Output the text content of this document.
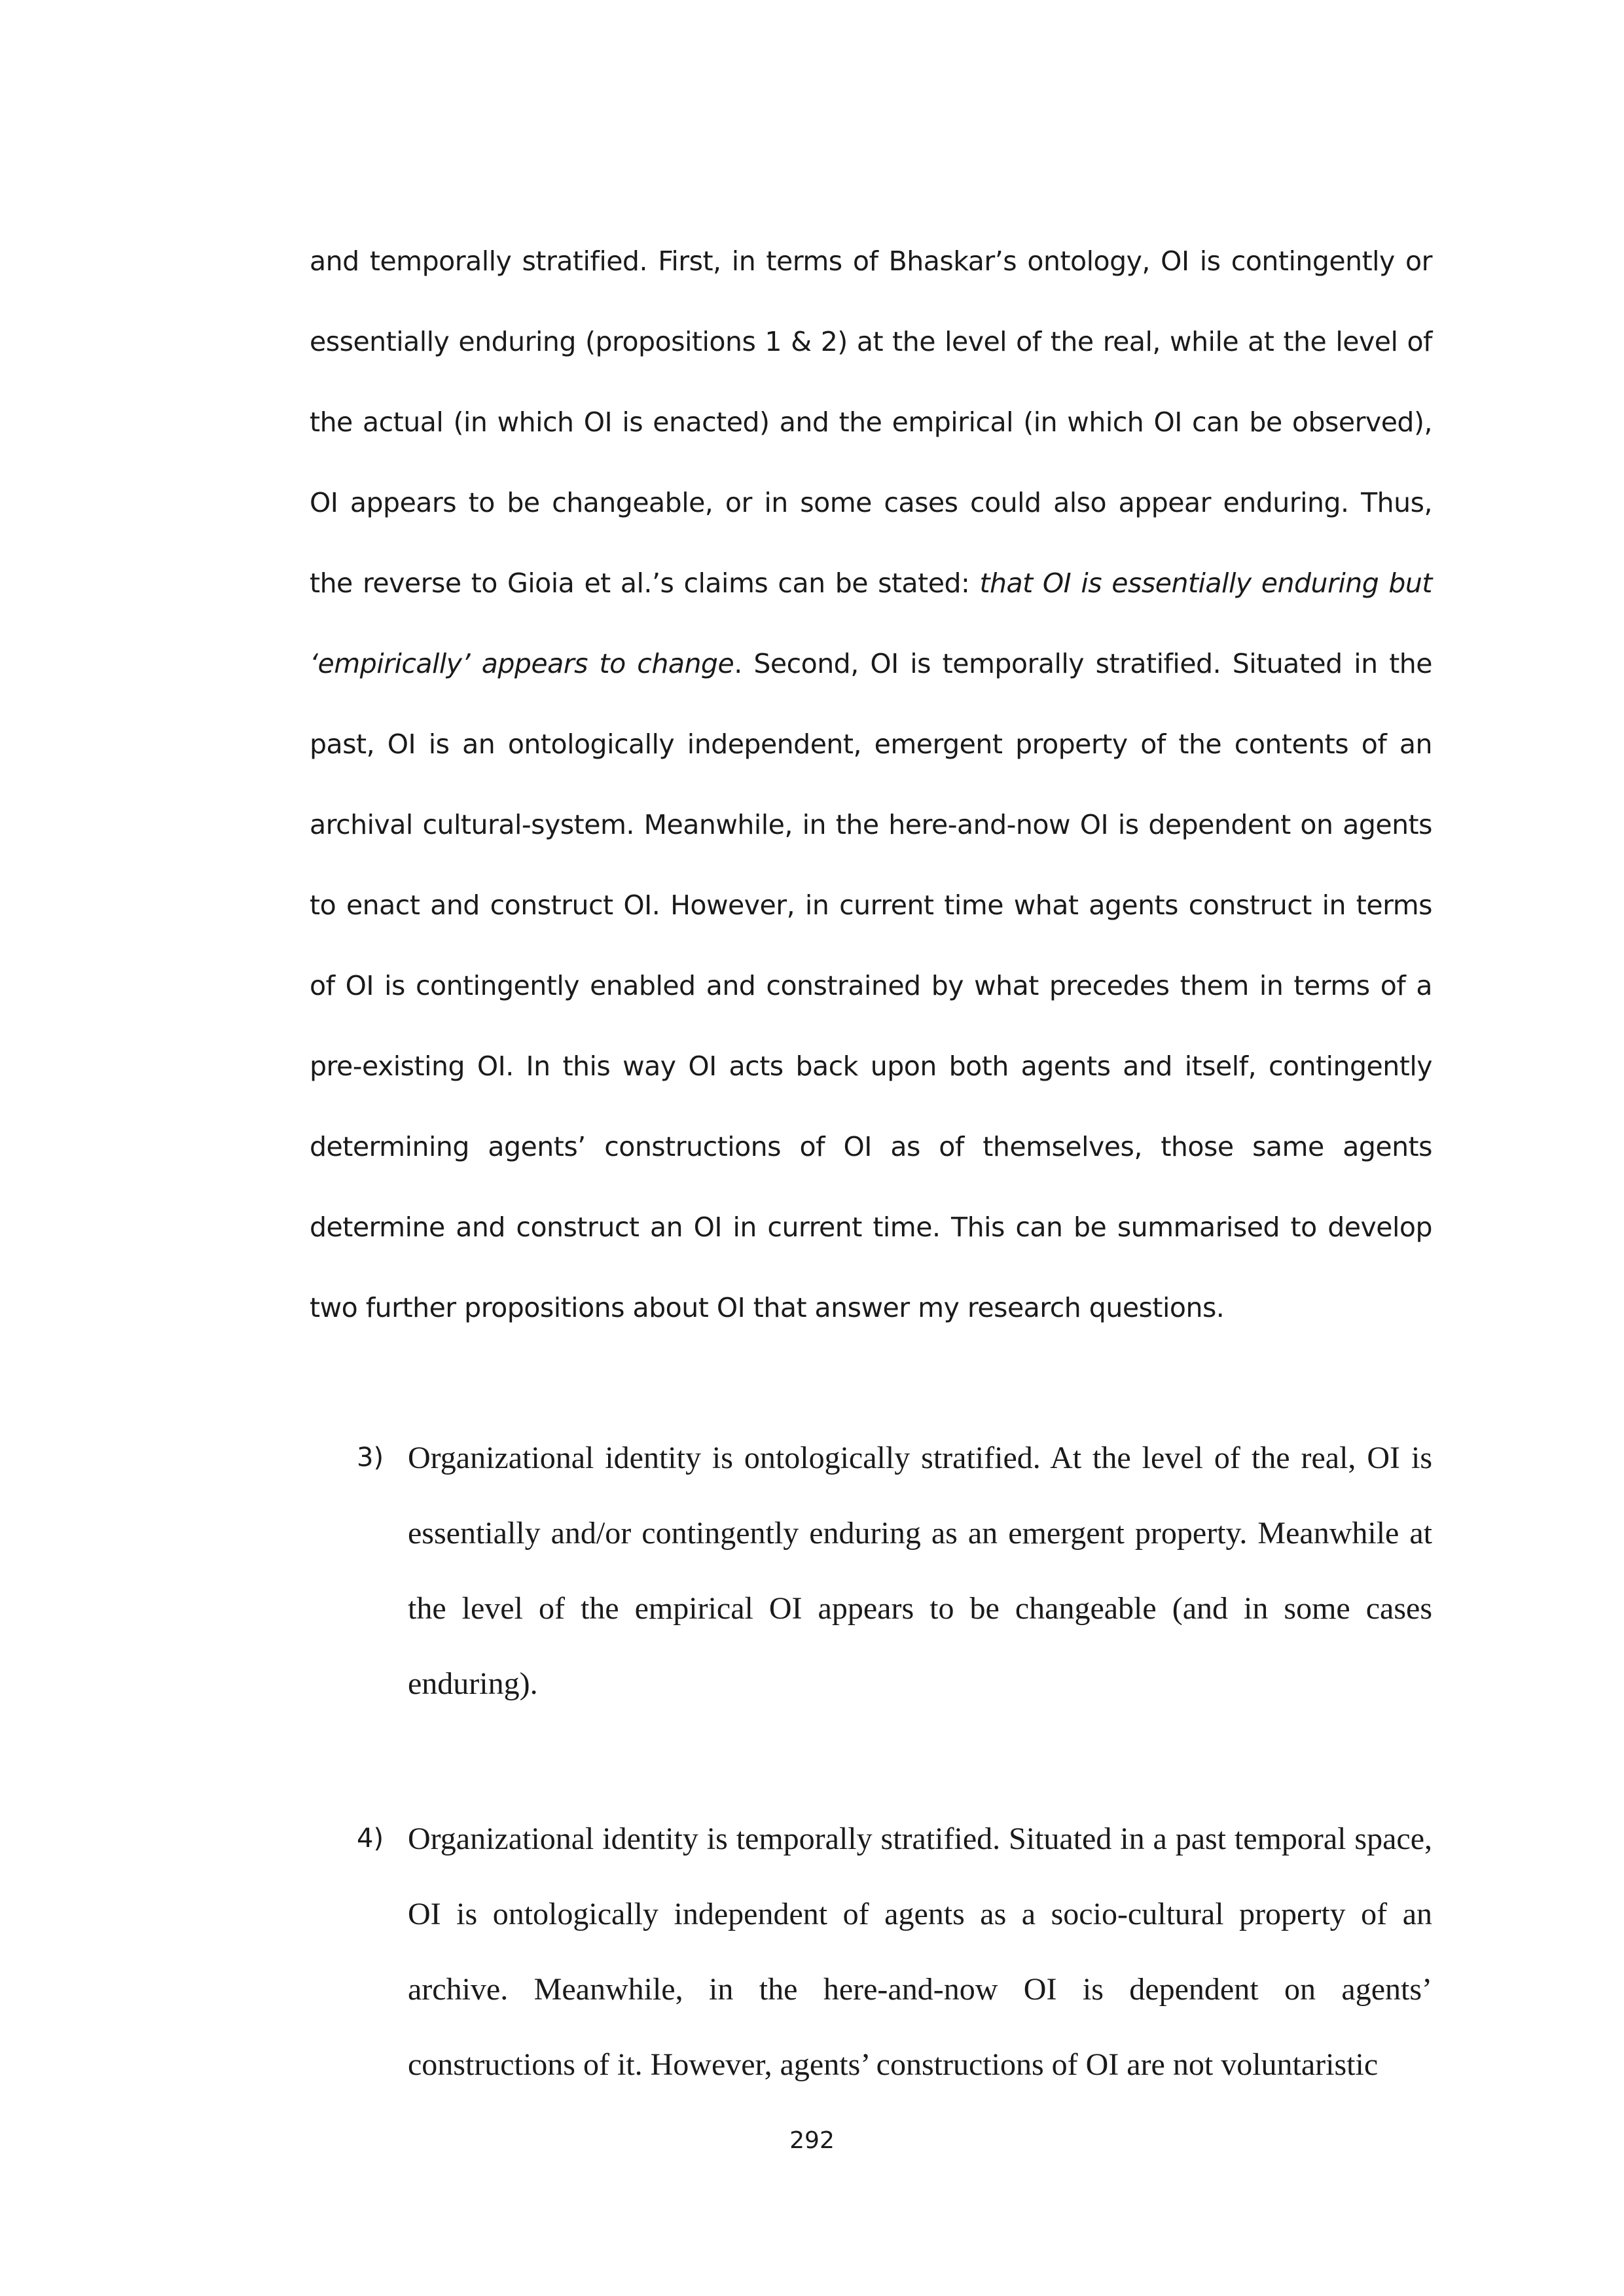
and temporally stratified. First, in terms of Bhaskar’s ontology, OI is contingently or essentially enduring (propositions 1 & 2) at the level of the real, while at the level of the actual (in which OI is enacted) and the empirical (in which OI can be observed), OI appears to be changeable, or in some cases could also appear enduring. Thus, the reverse to Gioia et al.’s claims can be stated: that OI is essentially enduring but ‘empirically’ appears to change. Second, OI is temporally stratified. Situated in the past, OI is an ontologically independent, emergent property of the contents of an archival cultural-system. Meanwhile, in the here-and-now OI is dependent on agents to enact and construct OI. However, in current time what agents construct in terms of OI is contingently enabled and constrained by what precedes them in terms of a pre-existing OI. In this way OI acts back upon both agents and itself, contingently determining agents’ constructions of OI as of themselves, those same agents determine and construct an OI in current time. This can be summarised to develop two further propositions about OI that answer my research questions.

3) Organizational identity is ontologically stratified. At the level of the real, OI is essentially and/or contingently enduring as an emergent property. Meanwhile at the level of the empirical OI appears to be changeable (and in some cases enduring).

4) Organizational identity is temporally stratified. Situated in a past temporal space, OI is ontologically independent of agents as a socio-cultural property of an archive. Meanwhile, in the here-and-now OI is dependent on agents’ constructions of it. However, agents’ constructions of OI are not voluntaristic

292
